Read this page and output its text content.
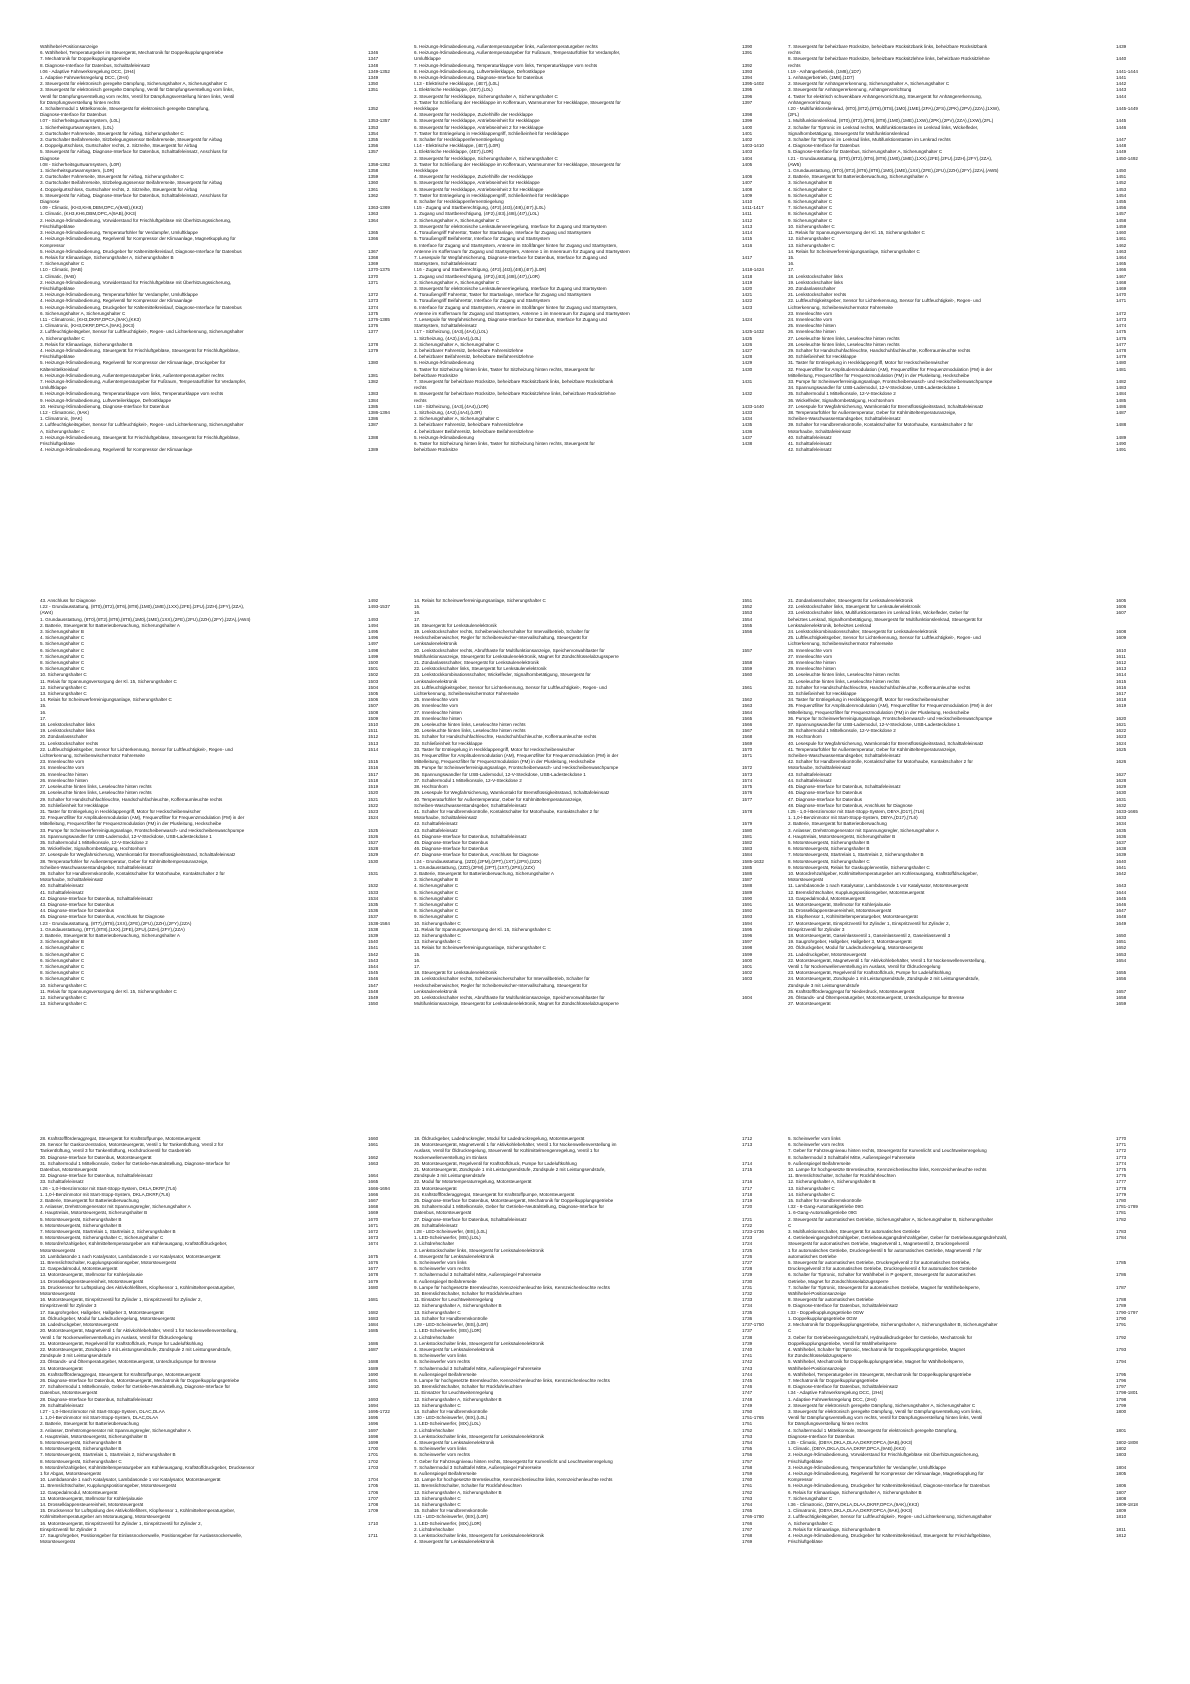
Wählhebel-Positionsanzeige
6. Wählhebel, Temperaturgeber im Steuergerät, Mechatronik für Doppelkupplungsgetriebe	1346
7. Mechatronik für Doppelkupplungsgetriebe	1347
8. Diagnose-Interface für Datenbus, Schalttafeleinsatz	1348
I.06 - Adaptive Fahrwerksregelung DCC, (2H4)	1349-1352
1. Adaptive Fahrwerksregelung DCC, (2H4)	1349
2. Steuergerät für elektronisch geregelte Dämpfung, Sicherungshalter A, Sicherungshalter C	1350
3. Steuergerät für elektronisch geregelte Dämpfung, Ventil für Dämpfungsverstellung vorn links,	1351
Ventil für Dämpfungsverstellung vorn rechts, Ventil für Dämpfungsverstellung hinten links, Ventil
für Dämpfungsverstellung hinten rechts
4. Schaltermodul 1 Mittelkonsole, Steuergerät für elektronisch geregelte Dämpfung,	1352
Diagnose-Interface für Datenbus
I.07 - Sicherheitsgurtwarnsystem, (L0L)	1353-1357
1. Sicherheitsgurtwarnsystem, (L0L)	1353
2. Gurtschalter Fahrerseite, Steuergerät für Airbag, Sicherungshalter C	1354
3. Gurtschalter Beifahrerseite, Sitzbelegungssensor Beifahrerseite, Steuergerät für Airbag	1355
4. Doppelgurtschloss, Gurtschalter rechts, 2. Sitzreihe, Steuergerät für Airbag	1356
5. Steuergerät für Airbag, Diagnose-Interface für Datenbus, Schalttafeleinsatz, Anschluss für	1357
Diagnose
I.08 - Sicherheitsgurtwarnsystem, (L0R)	1358-1362
1. Sicherheitsgurtwarnsystem, (L0R)	1358
2. Gurtschalter Fahrerseite, Steuergerät für Airbag, Sicherungshalter C	1359
3. Gurtschalter Beifahrerseite, Sitzbelegungssensor Beifahrerseite, Steuergerät für Airbag	1360
4. Doppelgurtschloss, Gurtschalter rechts, 2. Sitzreihe, Steuergerät für Airbag	1361
5. Steuergerät für Airbag, Diagnose-Interface für Datenbus, Schalttafeleinsatz, Anschluss für	1362
Diagnose
I.09 - Climatic, (KH3,KH6,DBM,DPC,A(9AB),(KK3)	1363-1369
1. Climatic, (KH3,KH6,DBM,DPC,A(9AB),(KK3)	1363
2. Heizungs-/Klimabedienung, Vorwiderstand für Frischluftgebläse mit Überhitzungssicherung,	1364
Frischluftgebläse
3. Heizungs-/Klimabedienung, Temperaturfühler für Verdampfer, Umluftklappe	1365
4. Heizungs-/Klimabedienung, Regelventil für Kompressor der Klimaanlage, Magnetkupplung für	1366
Kompressor
5. Heizungs-/Klimabedienung, Druckgeber für Kältemittelkreislauf, Diagnose-Interface für Datenbus	1367
6. Relais für Klimaanlage, Sicherungshalter A, Sicherungshalter B	1368
7. Sicherungshalter C	1369
I.10 - Climatic, (9AB)	1370-1375
1. Climatic, (9AB)	1370
2. Heizungs-/Klimabedienung, Vorwiderstand für Frischluftgebläse mit Überhitzungssicherung,	1371
Frischluftgebläse
3. Heizungs-/Klimabedienung, Temperaturfühler für Verdampfer, Umluftklappe	1372
4. Heizungs-/Klimabedienung, Regelventil für Kompressor der Klimaanlage	1373
5. Heizungs-/Klimabedienung, Druckgeber für Kältemittelkreislauf, Diagnose-Interface für Datenbus	1374
6. Sicherungshalter A, Sicherungshalter C	1375
I.11 - Climatronic, (KH3,DKRF,DPCA,(9AK),(KK3)	1376-1385
1. Climatronic, (KH3,DKRF,DPCA,(9AK),(KK3)	1376
2. Luftfeuchtigkeitsgeber, Sensor für Luftfeuchtigkeit-, Regen- und Lichterkennung, Sicherungshalter	1377
A, Sicherungshalter C
3. Relais für Klimaanlage, Sicherungshalter B	1378
4. Heizungs-/Klimabedienung, Steuergerät für Frischluftgebläse, Steuergerät für Frischluftgebläse,	1379
Frischluftgebläse
5. Heizungs-/Klimabedienung, Regelventil für Kompressor der Klimaanlage, Druckgeber für	1380
Kältemittelkreislauf
6. Heizungs-/Klimabedienung, Außentemperaturgeber links, Außentemperaturgeber rechts	1381
7. Heizungs-/Klimabedienung, Außentemperaturgeber für Fußraum, Temperaturfühler für Verdampfer,	1382
Umluftklappe
8. Heizungs-/Klimabedienung, Temperaturklappe vorn links, Temperaturklappe vorn rechts	1383
9. Heizungs-/Klimabedienung, Luftverteilerklappe, Defrostklappe	1384
10. Heizung-/Klimabedienung, Diagnose-Interface für Datenbus	1385
I.12 - Climatronic, (9AK)	1386-1394
1. Climatronic, (9AK)	1386
2. Luftfeuchtigkeitsgeber, Sensor für Luftfeuchtigkeit-, Regen- und Lichterkennung, Sicherungshalter	1387
A, Sicherungshalter C
3. Heizungs-/Klimabedienung, Steuergerät für Frischluftgebläse, Steuergerät für Frischluftgebläse,	1388
Frischluftgebläse
4. Heizungs-/Klimabedienung, Regelventil für Kompressor der Klimaanlage	1389
5. Heizungs-/Klimabedienung, Außentemperaturgeber links, Außentemperaturgeber rechts	1390
6. Heizungs-/Klimabedienung, Außentemperaturgeber für Fußraum, Temperaturfühler für Verdampfer,	1391
Umluftklappe
7. Heizungs-/Klimabedienung, Temperaturklappe vorn links, Temperaturklappe vorn rechts	1392
8. Heizungs-/Klimabedienung, Luftverteilerklappe, Defrostklappe	1393
9. Heizungs-/Klimabedienung, Diagnose-Interface für Datenbus	1394
I.13 - Elektrische Heckklappe, (4E7),(L0L)	1395-1402
1. Elektrische Heckklappe, (4E7),(L0L)	1395
2. Steuergerät für Heckklappe, Sicherungshalter A, Sicherungshalter C	1396
3. Taster für Schließung der Heckklappe im Kofferraum, Warnsummer für Heckklappe, Steuergerät für	1397
Heckklappe
4. Steuergerät für Heckklappe, Zuziehhilfe der Heckklappe	1398
5. Steuergerät für Heckklappe, Antriebseinheit für Heckklappe	1399
6. Steuergerät für Heckklappe, Antriebseinheit 2 für Heckklappe	1400
7. Taster für Entriegelung in Heckklappengriff, Schließeinheit für Heckklappe	1401
8. Schalter für Heckklappenfernentriegelung	1402
I.14 - Elektrische Heckklappe, (4E7),(L0R)	1403-1410
1. Elektrische Heckklappe, (4E7),(L0R)	1403
2. Steuergerät für Heckklappe, Sicherungshalter A, Sicherungshalter C	1404
3. Taster für Schließung der Heckklappe im Kofferraum, Warnsummer für Heckklappe, Steuergerät für	1405
Heckklappe
4. Steuergerät für Heckklappe, Zuziehhilfe der Heckklappe	1406
5. Steuergerät für Heckklappe, Antriebseinheit für Heckklappe	1407
6. Steuergerät für Heckklappe, Antriebseinheit 2 für Heckklappe	1408
7. Taster für Entriegelung in Heckklappengriff, Schließeinheit für Heckklappe	1409
8. Schalter für Heckklappenfernentriegelung	1410
I.15 - Zugang und Startberechtigung, (4F2),(4I3),(4I8),(4I7),(L0L)	1411-1417
1. Zugang und Startberechtigung, (4F2),(4I3),(4I8),(4I7),(L0L)	1411
2. Sicherungshalter A, Sicherungshalter C	1412
3. Steuergerät für elektronische Lenksäulenverriegelung, Interface für Zugang und Startsystem	1413
4. Türaußengriff Fahrertür, Taster für Startanlage, Interface für Zugang und Startsystem	1414
5. Türaußengriff Beifahrertür, Interface für Zugang und Startsystem	1415
6. Interface für Zugang und Startsystem, Antenne im Stoßfänger hinten für Zugang und Startsystem,	1416
Antenne im Kofferraum für Zugang und Startsystem, Antenne 1 im Innenraum für Zugang und Startsystem
7. Lesespule für Wegfahrsicherung, Diagnose-Interface für Datenbus, Interface für Zugang und	1417
Startsystem, Schalttafeleinsatz
I.16 - Zugang und Startberechtigung, (4F2),(4I3),(4I8),(4I7),(L0R)	1418-1424
1. Zugang und Startberechtigung, (4F2),(4I3),(4I8),(4I7),(L0R)	1418
2. Sicherungshalter A, Sicherungshalter C	1419
3. Steuergerät für elektronische Lenksäulenverriegelung, Interface für Zugang und Startsystem	1420
4. Türaußengriff Fahrertür, Taster für Startanlage, Interface für Zugang und Startsystem	1421
5. Türaußengriff Beifahrertür, Interface für Zugang und Startsystem	1422
6. Interface für Zugang und Startsystem, Antenne im Stoßfänger hinten für Zugang und Startsystem,	1423
Antenne im Kofferraum für Zugang und Startsystem, Antenne 1 im Innenraum für Zugang und Startsystem
7. Lesespule für Wegfahrsicherung, Diagnose-Interface für Datenbus, Interface für Zugang und	1424
Startsystem, Schalttafeleinsatz
I.17 - Sitzheizung, (4A3),(4A4),(L0L)	1425-1432
1. Sitzheizung, (4A3),(4A4),(L0L)	1425
2. Sicherungshalter A, Sicherungshalter C	1426
3. beheizbarer Fahrersitz, beheizbare Fahrersitzlehne	1427
4. beheizbarer Beifahrersitz, beheizbare Beifahrersitzlehne	1428
5. Heizungs-/Klimabedienung	1429
6. Taster für Sitzheizung hinten links, Taster für Sitzheizung hinten rechts, Steuergerät für	1430
beheizbare Rücksitze
7. Steuergerät für beheizbare Rücksitze, beheizbare Rücksitzbank links, beheizbare Rücksitzbank	1431
rechts
8. Steuergerät für beheizbare Rücksitze, beheizbare Rücksitzlehne links, beheizbare Rücksitzlehne	1432
rechts
I.18 - Sitzheizung, (4A3),(4A4),(L0R)	1433-1440
1. Sitzheizung, (4A3),(4A4),(L0R)	1433
2. Sicherungshalter A, Sicherungshalter C	1434
3. beheizbarer Fahrersitz, beheizbare Fahrersitzlehne	1435
4. beheizbarer Beifahrersitz, beheizbare Beifahrersitzlehne	1436
5. Heizungs-/Klimabedienung	1437
6. Taster für Sitzheizung hinten links, Taster für Sitzheizung hinten rechts, Steuergerät für	1438
beheizbare Rücksitze
7. Steuergerät für beheizbare Rücksitze, beheizbare Rücksitzbank links, beheizbare Rücksitzbank	1439
rechts
8. Steuergerät für beheizbare Rücksitze, beheizbare Rücksitzlehne links, beheizbare Rücksitzlehne	1440
rechts
I.19 - Anhängerbetrieb, (1M8),(1D7)	1441-1444
1. Anhängerbetrieb, (1M8),(1D7)	1441
2. Steuergerät für Anhängererkennung, Sicherungshalter A, Sicherungshalter C	1442
3. Steuergerät für Anhängererkennung, Anhängervorrichtung	1443
4. Taster für elektrisch schwenkbare Anhängervorrichtung, Steuergerät für Anhängererkennung,	1444
Anhängervorrichtung
I.20 - Multifunktionslenkrad, (8T0),(8T2),(8T6),(8T8),(1M0),(1ME),(2PA),(2FS),(2PK),(2PV),(2ZA),(1XW),	1445-1449
(2FL)
1. Multifunktionslenkrad, (8T0),(8T2),(8T6),(8T8),(1M0),(1ME),(1XW),(2PK),(2PV),(2ZA),(1XW),(2FL)	1445
2. Schalter für Tiptronic im Lenkrad rechts, Multifunktionstasten im Lenkrad links, Wickelfeder,	1446
Signalhornbetätigung, Steuergerät für Multifunktionslenkrad
3. Schalter für Tiptronic im Lenkrad links, Multifunktionstasten im Lenkrad rechts	1447
4. Diagnose-Interface für Datenbus	1448
5. Diagnose-Interface für Datenbus, Sicherungshalter A, Sicherungshalter C	1449
I.21 - Grundausstattung, (8T0),(8T2),(8T6),(8T8),(1M0),(1ME),(1XX),(2FE),(2FU),(2ZH),(2FY),(2ZA),	1450-1492
(AW5)
1. Grundausstattung, (8T0),(8T2),(8T6),(8T8),(1M0),(1ME),(1XX),(2FE),(2FU),(2ZH),(2FY),(2ZA),(AW5)	1450
2. Batterie, Steuergerät für Batterieüberwachung, Sicherungshalter A	1451
3. Sicherungshalter B	1452
4. Sicherungshalter C	1453
5. Sicherungshalter C	1454
6. Sicherungshalter C	1455
7. Sicherungshalter C	1456
8. Sicherungshalter C	1457
9. Sicherungshalter C	1458
10. Sicherungshalter C	1459
11. Relais für Spannungsversorgung der Kl. 15, Sicherungshalter C	1460
12. Sicherungshalter C	1461
13. Sicherungshalter C	1462
14. Relais für Scheinwerferreinigungsanlage, Sicherungshalter C	1463
15.	1464
16.	1465
17.	1466
18. Lenkstockschalter links	1467
19. Lenkstockschalter links	1468
20. Zündanlassschalter	1469
21. Lenkstockschalter rechts	1470
22. Luftfeuchtigkeitsgeber, Sensor für Lichterkennung, Sensor für Luftfeuchtigkeit-, Regen- und	1471
Lichterkennung, Scheibenwischermotor Fahrerseite
23. Innenleuchte vorn	1472
24. Innenleuchte vorn	1473
25. Innenleuchte hinten	1474
26. Innenleuchte hinten	1475
27. Leseleuchte hinten links, Leseleuchte hinten rechts	1476
28. Leseleuchte hinten links, Leseleuchte hinten rechts	1477
29. Schalter für Handschuhfachleuchte, Handschuhfachleuchte, Kofferraumleuchte rechts	1478
30. Schließeinheit für Heckklappe	1479
31. Taster für Entriegelung in Heckklappengriff, Motor für Heckscheibenwischer	1480
32. Frequenzfilter für Amplitudenmodulation (AM), Frequenzfilter für Frequenzmodulation (FM) in der	1481
Mittelleitung, Frequenzfilter für Frequenzmodulation (FM) in der Plusleitung, Heckscheibe
33. Pumpe für Scheinwerferreinigungsanlage, Frontscheibenwasch- und Heckscheibenwaschpumpe	1482
34. Spannungswandler für USB-Lademodul, 12-V-Steckdose, USB-Ladesteckdose 1	1483
35. Schaltermodul 1 Mittelkonsole, 12-V-Steckdose 2	1484
36. Wickelfeder, Signalhornbetätigung, Hochtonhorn	1485
37. Lesespule für Wegfahrsicherung, Warnkontakt für Bremsflüssigkeitsstand, Schalttafeleinsatz	1486
38. Temperaturfühler für Außentemperatur, Geber für Kühlmitteltemperaturanzeige,	1487
Scheiben-Waschwasserstandsgeber, Schalttafeleinsatz
39. Schalter für Handbremskontrolle, Kontaktschalter für Motorhaube, Kontaktschalter 2 für	1488
Motorhaube, Schalttafeleinsatz
40. Schalttafeleinsatz	1489
41. Schalttafeleinsatz	1490
42. Schalttafeleinsatz	1491
43. Anschluss für Diagnose	1492
I.22 - Grundausstattung, (8T0),(8T2),(8T6),(8T8),(1M0),(1ME),(1XX),(2FE),(2FU),(2ZH),(2FY),(2ZA),	1493-1537
(AW4)
1. Grundausstattung, (8T0),(8T2),(8T6),(8T8),(1M0),(1ME),(1XX),(2FE),(2FU),(2ZH),(2FY),(2ZA),(AW4)	1493
2. Batterie, Steuergerät für Batterieüberwachung, Sicherungshalter A	1494
3. Sicherungshalter B	1495
4. Sicherungshalter C	1496
5. Sicherungshalter C	1497
6. Sicherungshalter C	1498
7. Sicherungshalter C	1499
8. Sicherungshalter C	1500
9. Sicherungshalter C	1501
10. Sicherungshalter C	1502
11. Relais für Spannungsversorgung der Kl. 15, Sicherungshalter C	1503
12. Sicherungshalter C	1504
13. Sicherungshalter C	1505
14. Relais für Scheinwerferreinigungsanlage, Sicherungshalter C	1506
15.	1507
16.	1508
17.	1509
18. Lenkstockschalter links	1510
19. Lenkstockschalter links	1511
20. Zündanlassschalter	1512
21. Lenkstockschalter rechts	1513
22. Luftfeuchtigkeitsgeber, Sensor für Lichterkennung, Sensor für Luftfeuchtigkeit-, Regen- und	1514
Lichterkennung, Scheibenwischermotor Fahrerseite
23. Innenleuchte vorn	1515
24. Innenleuchte vorn	1516
25. Innenleuchte hinten	1517
26. Innenleuchte hinten	1518
27. Leseleuchte hinten links, Leseleuchte hinten rechts	1519
28. Leseleuchte hinten links, Leseleuchte hinten rechts	1520
29. Schalter für Handschuhfachleuchte, Handschuhfachleuchte, Kofferraumleuchte rechts	1521
30. Schließeinheit für Heckklappe	1522
31. Taster für Entriegelung in Heckklappengriff, Motor für Heckscheibenwischer	1523
32. Frequenzfilter für Amplitudenmodulation (AM), Frequenzfilter für Frequenzmodulation (FM) in der	1524
Mittelleitung, Frequenzfilter für Frequenzmodulation (FM) in der Plusleitung, Heckscheibe
33. Pumpe für Scheinwerferreinigungsanlage, Frontscheibenwasch- und Heckscheibenwaschpumpe	1525
34. Spannungswandler für USB-Lademodul, 12-V-Steckdose, USB-Ladesteckdose 1	1526
35. Schaltermodul 1 Mittelkonsole, 12-V-Steckdose 2	1527
36. Wickelfeder, Signalhornbetätigung, Hochtonhorn	1528
37. Lesespule für Wegfahrsicherung, Warnkontakt für Bremsflüssigkeitsstand, Schalttafeleinsatz	1529
38. Temperaturfühler für Außentemperatur, Geber für Kühlmitteltemperaturanzeige,	1530
Scheiben-Waschwasserstandsgeber, Schalttafeleinsatz
39. Schalter für Handbremskontrolle, Kontaktschalter für Motorhaube, Kontaktschalter 2 für	1531
Motorhaube, Schalttafeleinsatz
40. Schalttafeleinsatz	1532
41. Schalttafeleinsatz	1533
42. Diagnose-Interface für Datenbus, Schalttafeleinsatz	1534
43. Diagnose-Interface für Datenbus	1535
44. Diagnose-Interface für Datenbus	1536
45. Diagnose-Interface für Datenbus, Anschluss für Diagnose	1537
I.23 - Grundausstattung, (8T7),(8T8),(1XX),(2FE),(2FU),(2ZH),(2FY),(2ZA)	1538-1584
1. Grundausstattung, (8T7),(8T8),(1XX),(2FE),(2FU),(2ZH),(2FY),(2ZA)	1538
2. Batterie, Steuergerät für Batterieüberwachung, Sicherungshalter A	1539
3. Sicherungshalter B	1540
4. Sicherungshalter C	1541
5. Sicherungshalter C	1542
6. Sicherungshalter C	1543
7. Sicherungshalter C	1544
8. Sicherungshalter C	1545
9. Sicherungshalter C	1546
10. Sicherungshalter C	1547
11. Relais für Spannungsversorgung der Kl. 15, Sicherungshalter C	1548
12. Sicherungshalter C	1549
13. Sicherungshalter C	1550
14. Relais für Scheinwerferreinigungsanlage, Sicherungshalter C	1551
15.	1552
16.	1553
17.	1554
18. Steuergerät für Lenksäulenelektronik	1555
19. Lenkstockschalter rechts, Scheibenwischerschalter für Intervallbetrieb, Schalter für	1556
Heckscheibenwischer, Regler für Scheibenwischer-Intervallschaltung, Steuergerät für
Lenksäulenelektronik
20. Lenkstockschalter rechts, Abrufthaste für Multifunktionsanzeige, Speichervorwahltaster für	1557
Multifunktionsanzeige, Steuergerät für Lenksäulenelektronik, Magnet für Zündschlüsselabzugssperre
21. Zündanlassschalter, Steuergerät für Lenksäulenelektronik	1558
22. Lenkstockschalter links, Steuergerät für Lenksäulenelektronik	1559
23. Lenkstockkombinationsschalter, Wickelfeder, Signalhornbetätigung, Steuergerät für	1560
Lenksäulenelektronik
24. Luftfeuchtigkeitsgeber, Sensor für Lichterkennung, Sensor für Luftfeuchtigkeit-, Regen- und	1561
Lichterkennung, Scheibenwischermotor Fahrerseite
25. Innenleuchte vorn	1562
26. Innenleuchte vorn	1563
27. Innenleuchte hinten	1564
28. Innenleuchte hinten	1565
29. Leseleuchte hinten links, Leseleuchte hinten rechts	1566
30. Leseleuchte hinten links, Leseleuchte hinten rechts	1567
31. Schalter für Handschuhfachleuchte, Handschuhfachleuchte, Kofferraumleuchte rechts	1568
32. Schließeinheit für Heckklappe	1569
33. Taster für Entriegelung in Heckklappengriff, Motor für Heckscheibenwischer	1570
34. Frequenzfilter für Amplitudenmodulation (AM), Frequenzfilter für Frequenzmodulation (FM) in der	1571
Mittelleitung, Frequenzfilter für Frequenzmodulation (FM) in der Plusleitung, Heckscheibe
35. Pumpe für Scheinwerferreinigungsanlage, Frontscheibenwasch- und Heckscheibenwaschpumpe	1572
36. Spannungswandler für USB-Lademodul, 12-V-Steckdose, USB-Ladesteckdose 1	1573
37. Schaltermodul 1 Mittelkonsole, 12-V-Steckdose 2	1574
38. Hochtonhorn	1575
39. Lesespule für Wegfahrsicherung, Warnkontakt für Bremsflüssigkeitsstand, Schalttafeleinsatz	1576
40. Temperaturfühler für Außentemperatur, Geber für Kühlmitteltemperaturanzeige,	1577
Scheiben-Waschwasserstandsgeber, Schalttafeleinsatz
41. Schalter für Handbremskontrolle, Kontaktschalter für Motorhaube, Kontaktschalter 2 für	1578
Motorhaube, Schalttafeleinsatz
42. Schalttafeleinsatz	1579
43. Schalttafeleinsatz	1580
44. Diagnose-Interface für Datenbus, Schalttafeleinsatz	1581
45. Diagnose-Interface für Datenbus	1582
46. Diagnose-Interface für Datenbus	1583
47. Diagnose-Interface für Datenbus, Anschluss für Diagnose	1584
I.24 - Grundausstattung, (2ZD),(2FM),(2PT),(1XT),(2PS),(2ZX)	1585-1632
1. Grundausstattung, (2ZD),(2FM),(2PT),(1XT),(2PS),(2ZX)	1585
2. Batterie, Steuergerät für Batterieüberwachung, Sicherungshalter A	1586
3. Sicherungshalter B	1587
4. Sicherungshalter C	1588
5. Sicherungshalter C	1589
6. Sicherungshalter C	1590
7. Sicherungshalter C	1591
8. Sicherungshalter C	1592
9. Sicherungshalter C	1593
10. Sicherungshalter C	1594
11. Relais für Spannungsversorgung der Kl. 15, Sicherungshalter C	1595
12. Sicherungshalter C	1596
13. Sicherungshalter C	1597
14. Relais für Scheinwerferreinigungsanlage, Sicherungshalter C	1598
15.	1599
16.	1600
17.	1601
18. Steuergerät für Lenksäulenelektronik	1602
19. Lenkstockschalter rechts, Scheibenwischerschalter für Intervallbetrieb, Schalter für	1603
Heckscheibenwischer, Regler für Scheibenwischer-Intervallschaltung, Steuergerät für
Lenksäulenelektronik
20. Lenkstockschalter rechts, Abrufthaste für Multifunktionsanzeige, Speichervorwahltaster für	1604
Multifunktionsanzeige, Steuergerät für Lenksäulenelektronik, Magnet für Zündschlüsselabzugssperre
21. Zündanlassschalter, Steuergerät für Lenksäulenelektronik	1605
22. Lenkstockschalter links, Steuergerät für Lenksäulenelektronik	1606
23. Lenkstockschalter links, Multifunktionstasten im Lenkrad links, Wickelfeder, Geber für	1607
beheiztes Lenkrad, Signalhornbetätigung, Steuergerät für Multifunktionslenkrad, Steuergerät für
Lenksäulenelektronik, beheiztes Lenkrad
24. Lenkstockkombinationsschalter, Steuergerät für Lenksäulenelektronik	1608
25. Luftfeuchtigkeitsgeber, Sensor für Lichterkennung, Sensor für Luftfeuchtigkeit-, Regen- und	1609
Lichterkennung, Scheibenwischermotor Fahrerseite
26. Innenleuchte vorn	1610
27. Innenleuchte vorn	1611
28. Innenleuchte hinten	1612
29. Innenleuchte hinten	1613
30. Leseleuchte hinten links, Leseleuchte hinten rechts	1614
31. Leseleuchte hinten links, Leseleuchte hinten rechts	1615
32. Schalter für Handschuhfachleuchte, Handschuhfachleuchte, Kofferraumleuchte rechts	1616
33. Schließeinheit für Heckklappe	1617
34. Taster für Entriegelung in Heckklappengriff, Motor für Heckscheibenwischer	1618
35. Frequenzfilter für Amplitudenmodulation (AM), Frequenzfilter für Frequenzmodulation (FM) in der	1619
Mittelleitung, Frequenzfilter für Frequenzmodulation (FM) in der Plusleitung, Heckscheibe
36. Pumpe für Scheinwerferreinigungsanlage, Frontscheibenwasch- und Heckscheibenwaschpumpe	1620
37. Spannungswandler für USB-Lademodul, 12-V-Steckdose, USB-Ladesteckdose 1	1621
38. Schaltermodul 1 Mittelkonsole, 12-V-Steckdose 2	1622
39. Hochtonhorn	1623
40. Lesespule für Wegfahrsicherung, Warnkontakt für Bremsflüssigkeitsstand, Schalttafeleinsatz	1624
41. Temperaturfühler für Außentemperatur, Geber für Kühlmitteltemperaturanzeige,	1625
Scheiben-Waschwasserstandsgeber, Schalttafeleinsatz
42. Schalter für Handbremskontrolle, Kontaktschalter für Motorhaube, Kontaktschalter 2 für	1626
Motorhaube, Schalttafeleinsatz
43. Schalttafeleinsatz	1627
44. Schalttafeleinsatz	1628
45. Diagnose-Interface für Datenbus, Schalttafeleinsatz	1629
46. Diagnose-Interface für Datenbus	1630
47. Diagnose-Interface für Datenbus	1631
48. Diagnose-Interface für Datenbus, Anschluss für Diagnose	1632
I.25 - 1,0-l-Benzinmotor mit Start-Stopp-System, DBYA,(D17),(7L6)	1633-1665
1. 1,0-l-Benzinmotor mit Start-Stopp-System, DBYA,(D17),(7L6)	1633
2. Batterie, Steuergerät für Batterieüberwachung	1634
3. Anlasser, Drehstromgenerator mit Spannungsregler, Sicherungshalter A	1635
4. Hauptrelais, Motorsteuergerät, Sicherungshalter B	1636
5. Motorsteuergerät, Sicherungshalter B	1637
6. Motorsteuergerät, Sicherungshalter B	1638
7. Motorsteuergerät, Startrelais 1, Startrelais 2, Sicherungshalter B	1639
8. Motorsteuergerät, Sicherungshalter C	1640
9. Motorsteuergerät, Relais für Gaskupplerventile, Sicherungshalter C	1641
10. Motordrehzahlgeber, Kühlmitteltemperaturgeber am Kühlerausgang, Kraftstoffdruckgeber,	1642
Motorsteuergerät
11. Lambdasonde 1 nach Katalysator, Lambdasonde 1 vor Katalysator, Motorsteuergerät	1643
12. Bremslichtschalter, Kupplungspositionsgeber, Motorsteuergerät	1644
13. Gaspedalmodul, Motorsteuergerät	1645
14. Motorsteuergerät, Stellmotor für Kühlerjalousie	1646
15. Drosselklappensteuereinheit, Motorsteuergerät	1647
16. Klopfsensor 1, Kühlmitteltemperaturgeber, Motorsteuergerät	1648
17. Motorsteuergerät, Einspritzventil für Zylinder 1, Einspritzventil für Zylinder 2,	1649
Einspritzventil für Zylinder 3
18. Motorsteuergerät, Gaseinlassventil 1, Gaseinlassventil 2, Gaseinlassventil 3	1650
19. Saugrohrgeber, Hallgeber, Hallgeber 3, Motorsteuergerät	1651
20. Öldruckgeber, Modul für Ladedruckregelung, Motorsteuergerät	1652
21. Ladedruckgeber, Motorsteuergerät	1653
22. Motorsteuergerät, Magnetventil 1 für Aktivkohlebehälter, Ventil 1 für Nockenwellenverstellung,	1654
Ventil 1 für Nockenwellenverstellung im Auslass, Ventil für Öldruckregelung
23. Motorsteuergerät, Regelventil für Kraftstoffdruck, Pumpe für Ladeluftkühlung	1655
24. Motorsteuergerät, Zündspule 1 mit Leistungsendstufe, Zündspule 2 mit Leistungsendstufe,	1656
Zündspule 3 mit Leistungsendstufe
25. Kraftstoffförderaggregat für Niederdruck, Motorsteuergerät	1657
26. Ölstands- und Öltemperaturgeber, Motorsteuergerät, Unterdruckpumpe für Bremse	1658
27. Motorsteuergerät	1659
28. Kraftstoffförderaggregat, Steuergerät für Kraftstoffpumpe, Motorsteuergerät	1660
29. Sensor für Gaskonzentration, Motorsteuergerät, Ventil 1 für Tankentlüftung, Ventil 2 für	1661
Tankentlüftung, Ventil 3 für Tankentlüftung, Hochdruckventil für Gasbetrieb
30. Diagnose-Interface für Datenbus, Motorsteuergerät	1662
31. Schaltermodul 1 Mittelkonsole, Geber für Getriebe-Neutralstellung, Diagnose-Interface für	1663
Datenbus, Motorsteuergerät
32. Diagnose-Interface für Datenbus, Schalttafeleinsatz	1664
33. Schalttafeleinsatz	1665
I.26 - 1,0-l-Benzinmotor mit Start-Stopp-System, DKLA,DKRF,(7L6)	1666-1694
1. 1,0-l-Benzinmotor mit Start-Stopp-System, DKLA,DKRF,(7L6)	1666
2. Batterie, Steuergerät für Batterieüberwachung	1667
3. Anlasser, Drehstromgenerator mit Spannungsregler, Sicherungshalter A	1668
4. Hauptrelais, Motorsteuergerät, Sicherungshalter B	1669
5. Motorsteuergerät, Sicherungshalter B	1670
6. Motorsteuergerät, Sicherungshalter B	1671
7. Motorsteuergerät, Startrelais 1, Startrelais 2, Sicherungshalter B	1672
8. Motorsteuergerät, Sicherungshalter C, Sicherungshalter C	1673
9. Motordrehzahlgeber, Kühlmitteltemperaturgeber am Kühlerausgang, Kraftstoffdruckgeber,	1674
Motorsteuergerät
10. Lambdasonde 1 nach Katalysator, Lambdasonde 1 vor Katalysator, Motorsteuergerät	1675
11. Bremslichtschalter, Kupplungspositionsgeber, Motorsteuergerät	1676
12. Gaspedalmodul, Motorsteuergerät	1677
13. Motorsteuergerät, Stellmotor für Kühlerjalousie	1678
14. Drosselklappensteuereinheit, Motorsteuergerät	1679
15. Drucksensor für Luftspülung des Aktivkohlefilters, Klopfsensor 1, Kühlmitteltemperaturgeber,	1680
Motorsteuergerät
16. Motorsteuergerät, Einspritzventil für Zylinder 1, Einspritzventil für Zylinder 2,	1681
Einspritzventil für Zylinder 3
17. Saugrohrgeber, Hallgeber, Hallgeber 3, Motorsteuergerät	1682
18. Öldruckgeber, Modul für Ladedruckregelung, Motorsteuergerät	1683
19. Ladedruckgeber, Motorsteuergerät	1684
20. Motorsteuergerät, Magnetventil 1 für Aktivkohlebehälter, Ventil 1 für Nockenwellenverstellung,	1685
Ventil 1 für Nockenwellenverstellung im Auslass, Ventil für Öldruckregelung
21. Motorsteuergerät, Regelventil für Kraftstoffdruck, Pumpe für Ladeluftkühlung	1686
22. Motorsteuergerät, Zündspule 1 mit Leistungsendstufe, Zündspule 2 mit Leistungsendstufe,	1687
Zündspule 3 mit Leistungsendstufe
23. Ölstands- und Öltemperaturgeber, Motorsteuergerät, Unterdruckpumpe für Bremse	1688
24. Motorsteuergerät	1689
25. Kraftstoffförderaggregat, Steuergerät für Kraftstoffpumpe, Motorsteuergerät	1690
26. Diagnose-Interface für Datenbus, Motorsteuergerät, Mechatronik für Doppelkupplungsgetriebe	1691
27. Schaltermodul 1 Mittelkonsole, Geber für Getriebe-Neutralstellung, Diagnose-Interface für	1692
Datenbus, Motorsteuergerät
28. Diagnose-Interface für Datenbus, Schalttafeleinsatz	1693
29. Schalttafeleinsatz	1694
I.27 - 1,0-l-Benzinmotor mit Start-Stopp-System, DLAC,DLAA	1695-1722
1. 1,0-l-Benzinmotor mit Start-Stopp-System, DLAC,DLAA	1695
2. Batterie, Steuergerät für Batterieüberwachung	1696
3. Anlasser, Drehstromgenerator mit Spannungsregler, Sicherungshalter A	1697
4. Hauptrelais, Motorsteuergerät, Sicherungshalter B	1698
5. Motorsteuergerät, Sicherungshalter B	1699
6. Motorsteuergerät, Sicherungshalter B	1700
7. Motorsteuergerät, Startrelais 1, Startrelais 2, Sicherungshalter B	1701
8. Motorsteuergerät, Sicherungshalter C	1702
9. Motordrehzahlgeber, Kühlmitteltemperaturgeber am Kühlerausgang, Kraftstoffdruckgeber, Drucksensor	1703
1 für Abgas, Motorsteuergerät
10. Lambdasonde 1 nach Katalysator, Lambdasonde 1 vor Katalysator, Motorsteuergerät	1704
11. Bremslichtschalter, Kupplungspositionsgeber, Motorsteuergerät	1705
12. Gaspedalmodul, Motorsteuergerät	1706
13. Motorsteuergerät, Stellmotor für Kühlerjalousie	1707
14. Drosselklappensteuereinheit, Motorsteuergerät	1708
15. Drucksensor für Luftspülung des Aktivkohlefilters, Klopfsensor 1, Kühlmitteltemperaturgeber,	1709
Kühlmitteltemperaturgeber am Motorausgang, Motorsteuergerät
16. Motorsteuergerät, Einspritzventil für Zylinder 1, Einspritzventil für Zylinder 2,	1710
Einspritzventil für Zylinder 3
17. Saugrohrgeber, Positionsgeber für Einlassnockenwelle, Positionsgeber für Auslassnockenwelle,	1711
Motorsteuergerät
18. Öldruckgeber, Ladedruckregler, Modul für Ladedruckregelung, Motorsteuergerät	1712
19. Motorsteuergerät, Magnetventil 1 für Aktivkohlebehälter, Ventil 1 für Nockenwellenverstellung im	1713
Auslass, Ventil für Öldruckregelung, Steuerventil für Kühlmittelmengenregelung, Ventil 1 für
Nockenwellenverstellung im Einlass
20. Motorsteuergerät, Regelventil für Kraftstoffdruck, Pumpe für Ladeluftkühlung	1714
21. Motorsteuergerät, Zündspule 1 mit Leistungsendstufe, Zündspule 2 mit Leistungsendstufe,	1715
Zündspule 3 mit Leistungsendstufe
22. Modul für Motortemperaturregelung, Motorsteuergerät	1716
23. Motorsteuergerät	1717
24. Kraftstoffförderaggregat, Steuergerät für Kraftstoffpumpe, Motorsteuergerät	1718
25. Diagnose-Interface für Datenbus, Motorsteuergerät, Mechatronik für Doppelkupplungsgetriebe	1719
26. Schaltermodul 1 Mittelkonsole, Geber für Getriebe-Neutralstellung, Diagnose-Interface für	1720
Datenbus, Motorsteuergerät
27. Diagnose-Interface für Datenbus, Schalttafeleinsatz	1721
28. Schalttafeleinsatz	1722
I.28 - LED-Scheinwerfer, (8IS),(L0L)	1723-1736
1. LED-Scheinwerfer, (8IS),(L0L)	1723
2. Lichtdrehschalter	1724
3. Lenkstockschalter links, Steuergerät für Lenksäulenelektronik	1725
4. Steuergerät für Lenksäulenelektronik	1726
5. Scheinwerfer vorn links	1727
6. Scheinwerfer vorn rechts	1728
7. Schaltermodul 3 Schalttafel Mitte, Außenspiegel Fahrerseite	1729
8. Außenspiegel Beifahrerseite	1730
9. Lampe für hochgesetzte Bremsleuchte, Kennzeichenleuchte links, Kennzeichenleuchte rechts	1731
10. Bremslichtschalter, Schalter für Rückfahrleuchten	1732
11. Einsatzer für Leuchtweitenregelung	1733
12. Sicherungshalter A, Sicherungshalter B	1734
13. Sicherungshalter C	1735
14. Schalter für Handbremskontrolle	1736
I.29 - LED-Scheinwerfer, (8IS),(L0R)	1737-1750
1. LED-Scheinwerfer, (8IS),(L0R)	1737
2. Lichtdrehschalter	1738
3. Lenkstockschalter links, Steuergerät für Lenksäulenelektronik	1739
4. Steuergerät für Lenksäulenelektronik	1740
5. Scheinwerfer vorn links	1741
6. Scheinwerfer vorn rechts	1742
7. Schaltermodul 3 Schalttafel Mitte, Außenspiegel Fahrerseite	1743
8. Außenspiegel Beifahrerseite	1744
9. Lampe für hochgesetzte Bremsleuchte, Kennzeichenleuchte links, Kennzeichenleuchte rechts	1745
10. Bremslichtschalter, Schalter für Rückfahrleuchten	1746
11. Einsatzer für Leuchtweitenregelung	1747
12. Sicherungshalter A, Sicherungshalter B	1748
13. Sicherungshalter C	1749
14. Schalter für Handbremskontrolle	1750
I.30 - LED-Scheinwerfer, (8IX),(L0L)	1751-1765
1. LED-Scheinwerfer, (8IX),(L0L)	1751
2. Lichtdrehschalter	1752
3. Lenkstockschalter links, Steuergerät für Lenksäulenelektronik	1753
4. Steuergerät für Lenksäulenelektronik	1754
5. Scheinwerfer vorn links	1755
6. Scheinwerfer vorn rechts	1756
7. Geber für Fahrzeugniveau hinten rechts, Steuergerät für Kurvenlicht und Leuchtweitenregelung	1757
7. Schaltermodul 3 Schalttafel Mitte, Außenspiegel Fahrerseite	1758
8. Außenspiegel Beifahrerseite	1759
10. Lampe für hochgesetzte Bremsleuchte, Kennzeichenleuchte links, Kennzeichenleuchte rechts	1760
11. Bremslichtschalter, Schalter für Rückfahrleuchten	1761
12. Sicherungshalter A, Sicherungshalter B	1762
13. Sicherungshalter C	1763
14. Sicherungshalter C	1764
15. Schalter für Handbremskontrolle	1765
I.31 - LED-Scheinwerfer, (8IX),(L0R)	1766-1780
1. LED-Scheinwerfer, (8IX),(L0R)	1766
2. Lichtdrehschalter	1767
3. Lenkstockschalter links, Steuergerät für Lenksäulenelektronik	1768
4. Steuergerät für Lenksäulenelektronik	1769
5. Scheinwerfer vorn links	1770
6. Scheinwerfer vorn rechts	1771
7. Geber für Fahrzeugniveau hinten rechts, Steuergerät für Kurvenlicht und Leuchtweitenregelung	1772
8. Schaltermodul 3 Schalttafel Mitte, Außenspiegel Fahrerseite	1773
9. Außenspiegel Beifahrerseite	1774
10. Lampe für hochgesetzte Bremsleuchte, Kennzeichenleuchte links, Kennzeichenleuchte rechts	1775
11. Bremslichtschalter, Schalter für Rückfahrleuchten	1776
12. Sicherungshalter A, Sicherungshalter B	1777
13. Sicherungshalter C	1778
14. Sicherungshalter C	1779
15. Schalter für Handbremskontrolle	1780
I.32 - 6-Gang-Automatikgetriebe 09G	1781-1789
1. 6-Gang-Automatikgetriebe 09G	1781
2. Steuergerät für automatisches Getriebe, Sicherungshalter A, Sicherungshalter B, Sicherungshalter	1782
C
3. Multifunktionsschalter, Steuergerät für automatisches Getriebe	1783
4. Getriebeeingangsdrehzahlgeber, Getriebeausgangsdrehzahlgeber, Geber für Getriebeausgangsdrehzahl,	1784
Steuergerät für automatisches Getriebe, Magnetventil 1, Magnetventil 2, Druckregelventil
1 für automatisches Getriebe, Druckregelventil 5 für automatisches Getriebe, Magnetventil 7 für
automatisches Getriebe
5. Steuergerät für automatisches Getriebe, Druckregelventil 2 für automatisches Getriebe,	1785
Druckregelventil 3 für automatisches Getriebe, Druckregelventil 4 für automatisches Getriebe
6. Schalter für Tiptronic, Schalter für Wählhebel in P gesperrt, Steuergerät für automatisches	1786
Getriebe, Magnet für Zündschlüsselabzugssperre
7. Schalter für Tiptronic, Steuergerät für automatisches Getriebe, Magnet für Wählhebelsperre,	1787
Wählhebel-Positionsanzeige
8. Steuergerät für automatisches Getriebe	1788
9. Diagnose-Interface für Datenbus, Schalttafeleinsatz	1789
I.33 - Doppelkupplungsgetriebe 0GW	1790-1797
1. Doppelkupplungsgetriebe 0GW	1790
2. Mechatronik für Doppelkupplungsgetriebe, Sicherungshalter A, Sicherungshalter B, Sicherungshalter	1791
C
3. Geber für Getriebeeingangsdrehzahl, Hydraulikdruckgeber für Getriebe, Mechatronik für	1792
Doppelkupplungsgetriebe, Ventil für Wählhebelsperre
4. Wählhebel, Schalter für Tiptronic, Mechatronik für Doppelkupplungsgetriebe, Magnet	1793
für Zündschlüsselabzugssperre
5. Wählhebel, Mechatronik für Doppelkupplungsgetriebe, Magnet für Wählhebelsperre,	1794
Wählhebel-Positionsanzeige
6. Wählhebel, Temperaturgeber im Steuergerät, Mechatronik für Doppelkupplungsgetriebe	1795
7. Mechatronik für Doppelkupplungsgetriebe	1796
8. Diagnose-Interface für Datenbus, Schalttafeleinsatz	1797
I.34 - Adaptive Fahrwerksregelung DCC, (2H4)	1798-1801
1. Adaptive Fahrwerksregelung DCC, (2H4)	1798
2. Steuergerät für elektronisch geregelte Dämpfung, Sicherungshalter A, Sicherungshalter C	1799
3. Steuergerät für elektronisch geregelte Dämpfung, Ventil für Dämpfungsverstellung vorn links,	1800
Ventil für Dämpfungsverstellung vorn rechts, Ventil für Dämpfungsverstellung hinten links, Ventil
für Dämpfungsverstellung hinten rechts
4. Schaltermodul 1 Mittelkonsole, Steuergerät für elektronisch geregelte Dämpfung,	1801
Diagnose-Interface für Datenbus
I.35 - Climatic, (DBYA,DKLA,DLAA,DKRF,DPCA,(9AB),(KK3)	1802-1808
1. Climatic, (DBYA,DKLA,DLAA,DKRF,DPCA,(9AB),(KK3)	1802
2. Heizungs-/Klimabedienung, Vorwiderstand für Frischluftgebläse mit Überhitzungssicherung,	1803
Frischluftgebläse
3. Heizungs-/Klimabedienung, Temperaturfühler für Verdampfer, Umluftklappe	1804
4. Heizungs-/Klimabedienung, Regelventil für Kompressor der Klimaanlage, Magnetkupplung für	1805
Kompressor
5. Heizungs-/Klimabedienung, Druckgeber für Kältemittelkreislauf, Diagnose-Interface für Datenbus	1806
6. Relais für Klimaanlage, Sicherungshalter A, Sicherungshalter B	1807
7. Sicherungshalter C	1808
I.36 - Climatronic, (DBYA,DKLA,DLAA,DKRF,DPCA,(9AK),(KK3)	1809-1818
1. Climatronic, (DBYA,DKLA,DLAA,DKRF,DPCA,(9AK),(KK3)	1809
2. Luftfeuchtigkeitsgeber, Sensor für Luftfeuchtigkeit-, Regen- und Lichterkennung, Sicherungshalter	1810
A, Sicherungshalter C
3. Relais für Klimaanlage, Sicherungshalter B	1811
4. Heizungs-/Klimabedienung, Druckgeber für Kältemittelkreislauf, Steuergerät für Frischluftgebläse,	1812
Frischluftgebläse
